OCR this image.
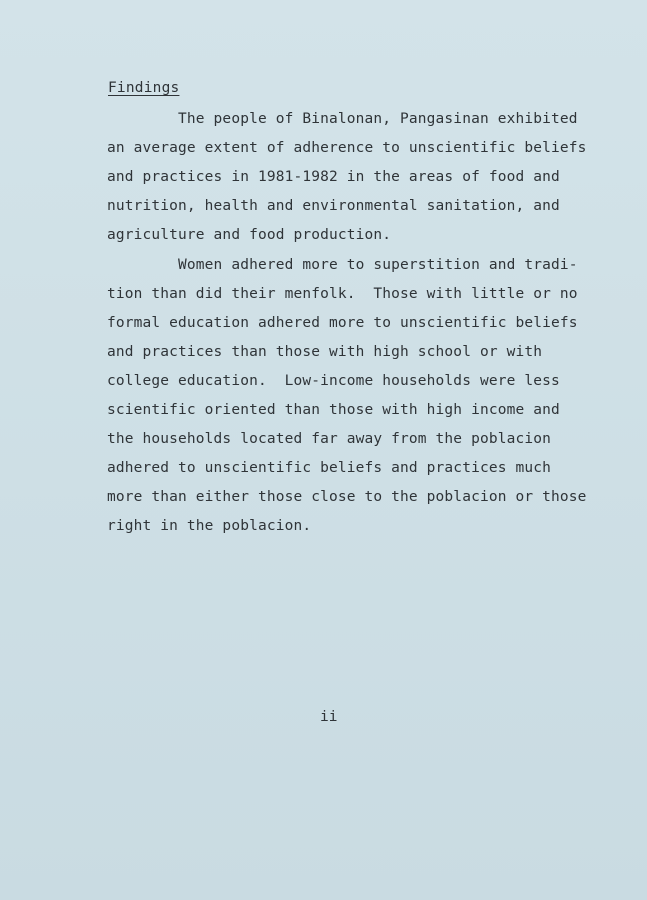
Findings
The people of Binalonan, Pangasinan exhibited
an average extent of adherence to unscientific beliefs
and practices in 1981-1982 in the areas of food and
nutrition, health and environmental sanitation, and
agriculture and food production.
Women adhered more to superstition and tradi-
tion than did their menfolk.  Those with little or no
formal education adhered more to unscientific beliefs
and practices than those with high school or with
college education.  Low-income households were less
scientific oriented than those with high income and
the households located far away from the poblacion
adhered to unscientific beliefs and practices much
more than either those close to the poblacion or those
right in the poblacion.
ii
